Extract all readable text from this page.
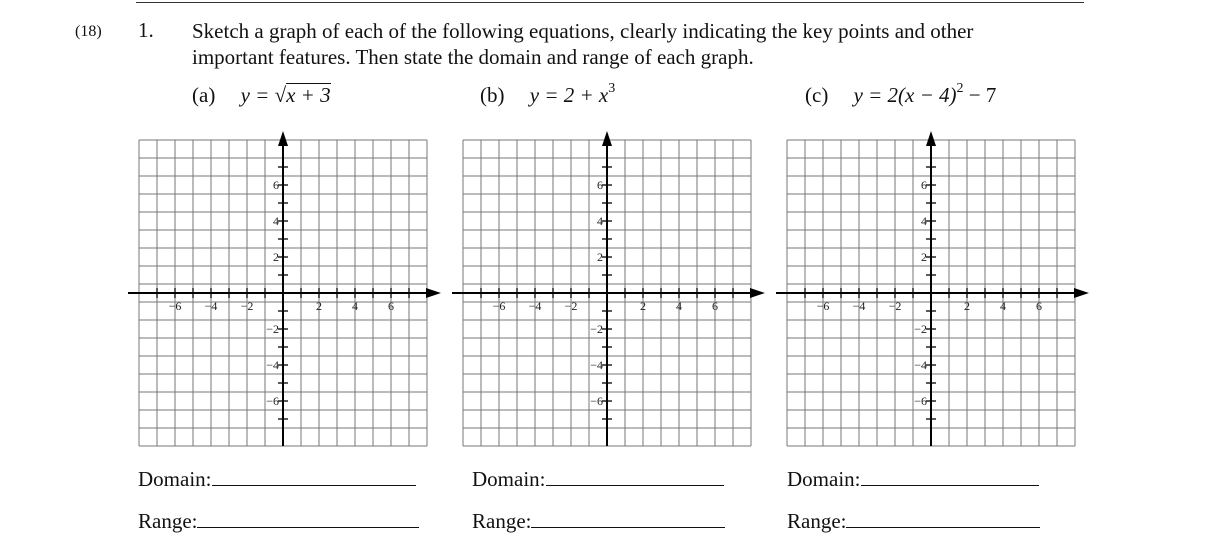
(18) 1. Sketch a graph of each of the following equations, clearly indicating the key points and other
important features. Then state the domain and range of each graph.
(a) y = √x + 3	(b) $y = 2 + x^3$	(c) $y = 2(x - 4)^2 - 7$
−6 −4 −2	2	4	6
6
4
2
−2
−4
−6
−6 −4 −2	2	4	6
6
4
2
−2
−4
−6
−6 −4 −2	2	4	6
6
4
2
−2
−4
−6
Domain:
Range:
Domain:
Range:
Domain:
Range:
